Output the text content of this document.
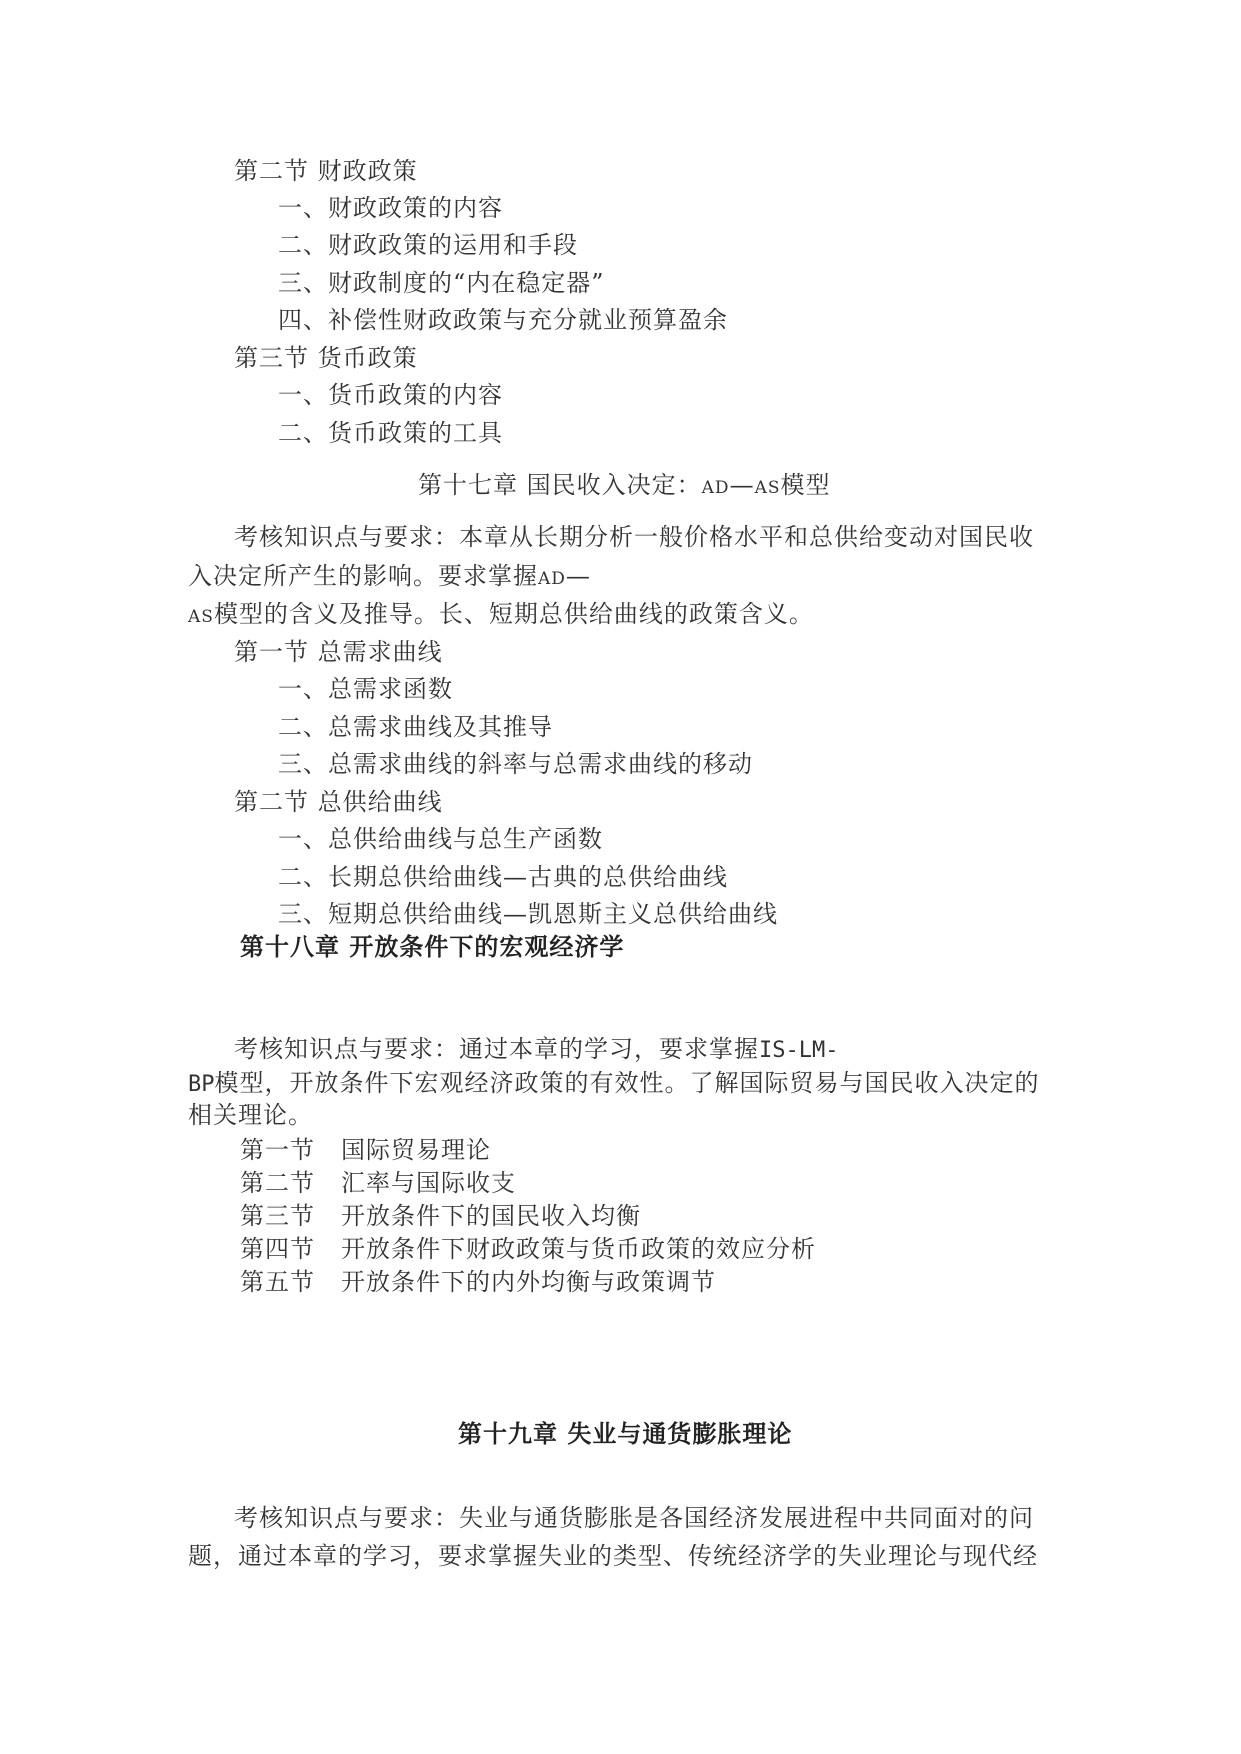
第二节 财政政策
一、财政政策的内容
二、财政政策的运用和手段
三、财政制度的“内在稳定器”
四、补偿性财政政策与充分就业预算盈余
第三节 货币政策
一、货币政策的内容
二、货币政策的工具
第十七章 国民收入决定：AD—AS模型
考核知识点与要求：本章从长期分析一般价格水平和总供给变动对国民收
入决定所产生的影响。要求掌握AD—
AS模型的含义及推导。长、短期总供给曲线的政策含义。
第一节 总需求曲线
一、总需求函数
二、总需求曲线及其推导
三、总需求曲线的斜率与总需求曲线的移动
第二节 总供给曲线
一、总供给曲线与总生产函数
二、长期总供给曲线—古典的总供给曲线
三、短期总供给曲线—凯恩斯主义总供给曲线
第十八章 开放条件下的宏观经济学
考核知识点与要求：通过本章的学习，要求掌握IS-LM-
BP模型，开放条件下宏观经济政策的有效性。了解国际贸易与国民收入决定的
相关理论。
第一节 国际贸易理论
第二节 汇率与国际收支
第三节 开放条件下的国民收入均衡
第四节 开放条件下财政政策与货币政策的效应分析
第五节 开放条件下的内外均衡与政策调节
第十九章 失业与通货膨胀理论
考核知识点与要求：失业与通货膨胀是各国经济发展进程中共同面对的问
题，通过本章的学习，要求掌握失业的类型、传统经济学的失业理论与现代经
